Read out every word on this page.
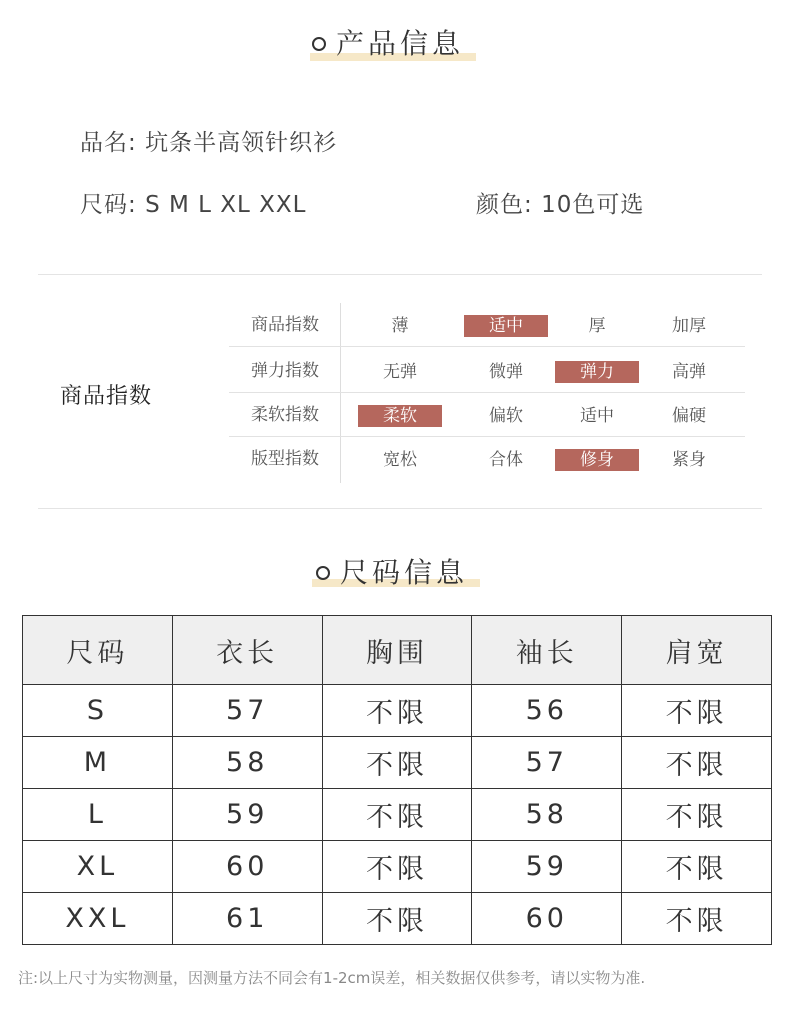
产品信息
品名: 坑条半高领针织衫
尺码: S M L XL XXL	颜色: 10色可选
商品指数
商品指数	薄	适中	厚	加厚
弹力指数	无弹	微弹	弹力	高弹
柔软指数	柔软	偏软	适中	偏硬
版型指数	宽松	合体	修身	紧身
尺码信息
尺码	衣长	胸围	袖长	肩宽
S	57	不限	56	不限
M	58	不限	57	不限
L	59	不限	58	不限
XL	60	不限	59	不限
XXL	61	不限	60	不限
注:以上尺寸为实物测量，因测量方法不同会有1-2cm误差，相关数据仅供参考，请以实物为准.
